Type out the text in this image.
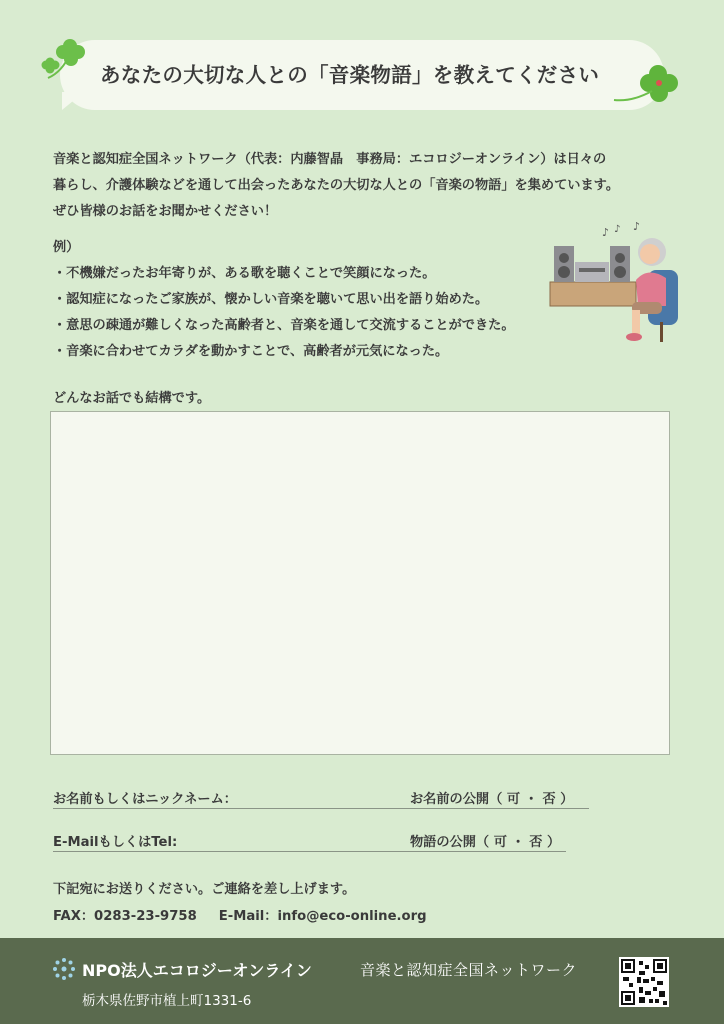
あなたの大切な人との「音楽物語」を教えてください

音楽と認知症全国ネットワーク（代表：内藤智晶　事務局：エコロジーオンライン）は日々の

暮らし、介護体験などを通して出会ったあなたの大切な人との「音楽の物語」を集めています。

ぜひ皆様のお話をお聞かせください！

例）

・不機嫌だったお年寄りが、ある歌を聴くことで笑顔になった。

・認知症になったご家族が、懐かしい音楽を聴いて思い出を語り始めた。

・意思の疎通が難しくなった高齢者と、音楽を通して交流することができた。

・音楽に合わせてカラダを動かすことで、高齢者が元気になった。

♪ ♪ ♪
どんなお話でも結構です。
お名前もしくはニックネーム：	お名前の公開（ 可 ・ 否 ）
E-MailもしくはTel:	物語の公開（ 可 ・ 否 ）
下記宛にお送りください。ご連絡を差し上げます。
FAX：0283-23-9758 E-Mail：info@eco-online.org
NPO法人エコロジーオンライン
栃木県佐野市植上町1331-6
音楽と認知症全国ネットワーク
